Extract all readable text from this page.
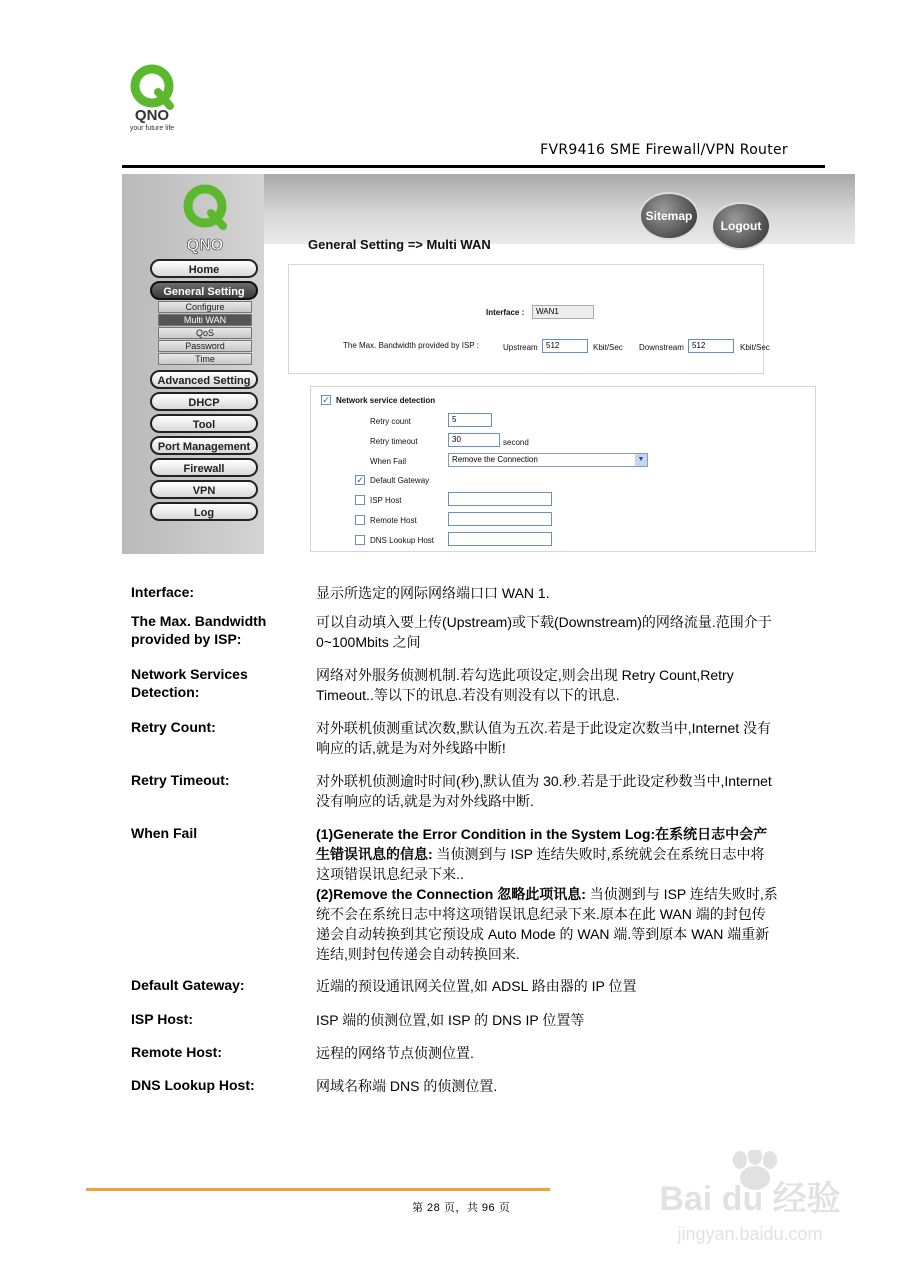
QNO
your future life
FVR9416 SME Firewall/VPN Router
QNO	General Setting => Multi WAN
Sitemap
Logout
Home
General Setting
Configure
Multi WAN
QoS
Password
Time
Advanced Setting
DHCP
Tool
Port Management
Firewall
VPN
Log
Interface :	WAN1
The Max. Bandwidth provided by ISP :	Upstream	512	Kbit/Sec Downstream	512	Kbit/Sec
✓ Network service detection
Retry count	5
Retry timeout	30	second
When Fail	Remove the Connection	▼
✓ Default Gateway
ISP Host
Remote Host
DNS Lookup Host
Interface:	显示所选定的网际网络端口口 WAN 1.
The Max. Bandwidth provided by ISP:
可以自动填入要上传(Upstream)或下载(Downstream)的网络流量.范围介于 0~100Mbits 之间
Network Services Detection:
网络对外服务侦测机制.若勾选此项设定,则会出现 Retry Count,Retry Timeout..等以下的讯息.若没有则没有以下的讯息.
Retry Count:	对外联机侦测重试次数,默认值为五次.若是于此设定次数当中,Internet 没有响应的话,就是为对外线路中断!
Retry Timeout:	对外联机侦测逾时时间(秒),默认值为 30.秒.若是于此设定秒数当中,Internet 没有响应的话,就是为对外线路中断.
When Fail	(1)Generate the Error Condition in the System Log:在系统日志中会产生错误讯息的信息: 当侦测到与 ISP 连结失败时,系统就会在系统日志中将这项错误讯息纪录下来..
(2)Remove the Connection 忽略此项讯息: 当侦测到与 ISP 连结失败时,系统不会在系统日志中将这项错误讯息纪录下来.原本在此 WAN 端的封包传递会自动转换到其它预设成 Auto Mode 的 WAN 端.等到原本 WAN 端重新连结,则封包传递会自动转换回来.
Default Gateway:	近端的预设通讯网关位置,如 ADSL 路由器的 IP 位置
ISP Host:	ISP 端的侦测位置,如 ISP 的 DNS IP 位置等
Remote Host:	远程的网络节点侦测位置.
DNS Lookup Host:	网域名称端 DNS 的侦测位置.
第 28 页，共 96 页	Bai du 经验
jingyan.baidu.com
